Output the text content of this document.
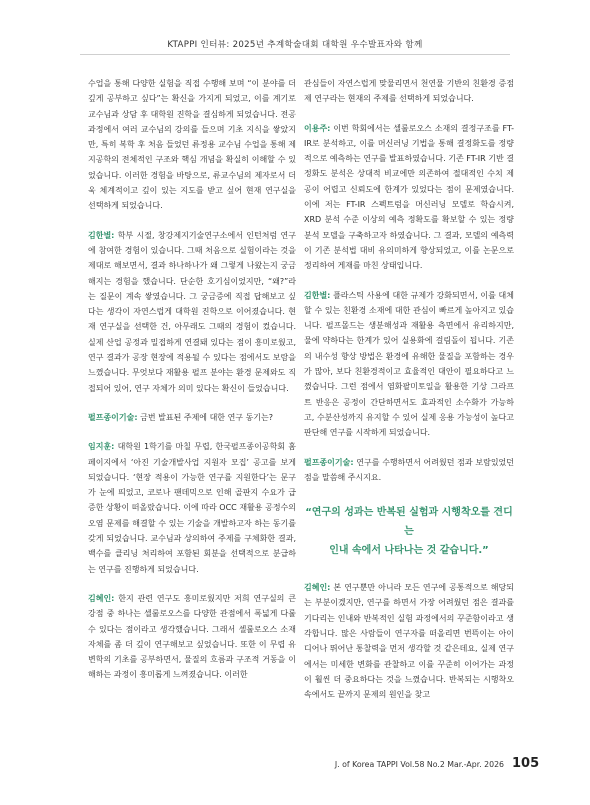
KTAPPI 인터뷰: 2025년 추계학술대회 대학원 우수발표자와 함께

수업을 통해 다양한 실험을 직접 수행해 보며 “이 분야를 더 깊게 공부하고 싶다”는 확신을 가지게 되었고, 이를 계기로 교수님과 상담 후 대학원 진학을 결심하게 되었습니다. 전공 과정에서 여러 교수님의 강의를 들으며 기초 지식을 쌓았지만, 특히 복학 후 처음 들었던 류정용 교수님 수업을 통해 제지공학의 전체적인 구조와 핵심 개념을 확실히 이해할 수 있었습니다. 이러한 경험을 바탕으로, 류교수님의 제자로서 더욱 체계적이고 깊이 있는 지도를 받고 싶어 현재 연구실을 선택하게 되었습니다.

김한별: 학부 시절, 창강제지기술연구소에서 인턴처럼 연구에 참여한 경험이 있습니다. 그때 처음으로 실험이라는 것을 제대로 해보면서, 결과 하나하나가 왜 그렇게 나왔는지 궁금해지는 경험을 했습니다. 단순한 호기심이었지만, “왜?”라는 질문이 계속 쌓였습니다. 그 궁금증에 직접 답해보고 싶다는 생각이 자연스럽게 대학원 진학으로 이어졌습니다. 현재 연구실을 선택한 건, 아무래도 그때의 경험이 컸습니다. 실제 산업 공정과 밀접하게 연결돼 있다는 점이 흥미로웠고, 연구 결과가 공장 현장에 적용될 수 있다는 점에서도 보람을 느꼈습니다. 무엇보다 재활용 펄프 분야는 환경 문제와도 직접되어 있어, 연구 자체가 의미 있다는 확신이 들었습니다.

펄프종이기술: 금번 발표된 주제에 대한 연구 동기는?

임지훈: 대학원 1학기를 마칠 무렵, 한국펄프종이공학회 홈페이지에서 ‘아진 기술개발사업 지원자 모집’ 공고를 보게 되었습니다. ‘현장 적용이 가능한 연구를 지원한다’는 문구가 눈에 띄었고, 코로나 팬데믹으로 인해 골판지 수요가 급증한 상황이 떠올랐습니다. 이에 따라 OCC 재활용 공정수의 오염 문제를 해결할 수 있는 기술을 개발하고자 하는 동기를 갖게 되었습니다. 교수님과 상의하여 주제를 구체화한 결과, 백수를 클리닝 처리하여 포함된 회분을 선택적으로 분급하는 연구를 진행하게 되었습니다.

김혜인: 한지 관련 연구도 흥미로웠지만 저희 연구실의 큰 강점 중 하나는 셀룰로오스를 다양한 관점에서 폭넓게 다룰 수 있다는 점이라고 생각했습니다. 그래서 셀룰로오스 소재 자체를 좀 더 깊이 연구해보고 싶었습니다. 또한 이 무렵 유변학의 기초를 공부하면서, 물질의 흐름과 구조적 거동을 이해하는 과정이 흥미롭게 느껴졌습니다. 이러한

관심들이 자연스럽게 맞물리면서 천연물 기반의 친환경 증점제 연구라는 현재의 주제를 선택하게 되었습니다.

이용주: 이번 학회에서는 셀룰로오스 소재의 결정구조를 FT-IR로 분석하고, 이를 머신러닝 기법을 통해 결정화도를 정량적으로 예측하는 연구를 발표하였습니다. 기존 FT-IR 기반 결정화도 분석은 상대적 비교에만 의존하여 절대적인 수치 제공이 어렵고 신뢰도에 한계가 있었다는 점이 문제였습니다. 이에 저는 FT-IR 스펙트럼을 머신러닝 모델로 학습시켜, XRD 분석 수준 이상의 예측 정확도를 확보할 수 있는 정량 분석 모델을 구축하고자 하였습니다. 그 결과, 모델의 예측력이 기존 분석법 대비 유의미하게 향상되었고, 이를 논문으로 정리하여 게재를 마친 상태입니다.

김한별: 플라스틱 사용에 대한 규제가 강화되면서, 이를 대체할 수 있는 친환경 소재에 대한 관심이 빠르게 높아지고 있습니다. 펄프몰드는 생분해성과 재활용 측면에서 유리하지만, 물에 약하다는 한계가 있어 실용화에 걸림돌이 됩니다. 기존의 내수성 향상 방법은 환경에 유해한 물질을 포함하는 경우가 많아, 보다 친환경적이고 효율적인 대안이 필요하다고 느꼈습니다. 그런 점에서 염화팔미토일을 활용한 기상 그라프트 반응은 공정이 간단하면서도 효과적인 소수화가 가능하고, 수분산성까지 유지할 수 있어 실제 응용 가능성이 높다고 판단해 연구를 시작하게 되었습니다.

펄프종이기술: 연구를 수행하면서 어려웠던 점과 보람있었던 점을 말씀해 주시지요.

“연구의 성과는 반복된 실험과 시행착오를 견디는
인내 속에서 나타나는 것 같습니다.”

김혜인: 본 연구뿐만 아니라 모든 연구에 공통적으로 해당되는 부분이겠지만, 연구를 하면서 가장 어려웠던 점은 결과를 기다리는 인내와 반복적인 실험 과정에서의 꾸준함이라고 생각합니다. 많은 사람들이 연구자를 떠올리면 번뜩이는 아이디어나 뛰어난 통찰력을 먼저 생각할 것 같은데요, 실제 연구에서는 미세한 변화를 관찰하고 이를 꾸준히 이어가는 과정이 훨씬 더 중요하다는 것을 느꼈습니다. 반복되는 시행착오 속에서도 끝까지 문제의 원인을 찾고

J. of Korea TAPPI Vol.58 No.2 Mar.-Apr. 2026 105
